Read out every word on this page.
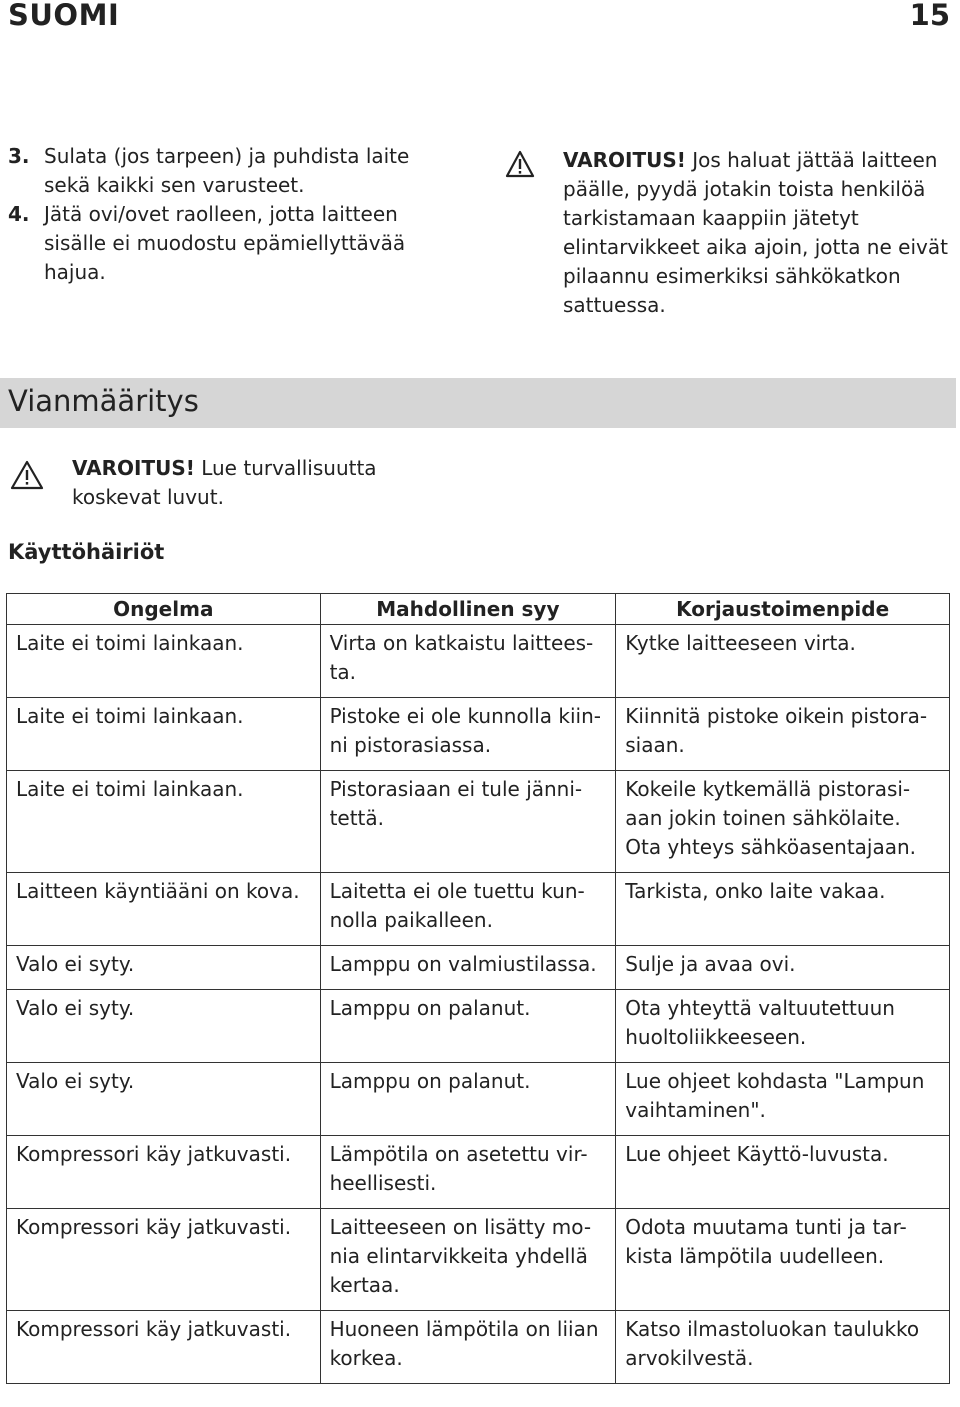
SUOMI	15
3. Sulata (jos tarpeen) ja puhdista laite sekä kaikki sen varusteet.
4. Jätä ovi/ovet raolleen, jotta laitteen sisälle ei muodostu epämiellyttävää hajua.
VAROITUS! Jos haluat jättää laitteen päälle, pyydä jotakin toista henkilöä tarkistamaan kaappiin jätetyt elintarvikkeet aika ajoin, jotta ne eivät pilaannu esimerkiksi sähkökatkon sattuessa.
Vianmääritys
VAROITUS! Lue turvallisuutta koskevat luvut.
Käyttöhäiriöt
Ongelma	Mahdollinen syy	Korjaustoimenpide
Laite ei toimi lainkaan.	Virta on katkaistu laittees-ta.	Kytke laitteeseen virta.
Laite ei toimi lainkaan.	Pistoke ei ole kunnolla kiin-ni pistorasiassa.	Kiinnitä pistoke oikein pistora-siaan.
Laite ei toimi lainkaan.	Pistorasiaan ei tule jänni-tettä.	Kokeile kytkemällä pistorasi-aan jokin toinen sähkölaite. Ota yhteys sähköasentajaan.
Laitteen käyntiääni on kova.	Laitetta ei ole tuettu kun-nolla paikalleen.	Tarkista, onko laite vakaa.
Valo ei syty.	Lamppu on valmiustilassa.	Sulje ja avaa ovi.
Valo ei syty.	Lamppu on palanut.	Ota yhteyttä valtuutettuun huoltoliikkeeseen.
Valo ei syty.	Lamppu on palanut.	Lue ohjeet kohdasta "Lampun vaihtaminen".
Kompressori käy jatkuvasti.	Lämpötila on asetettu vir-heellisesti.	Lue ohjeet Käyttö-luvusta.
Kompressori käy jatkuvasti.	Laitteeseen on lisätty mo-nia elintarvikkeita yhdellä kertaa.	Odota muutama tunti ja tar-kista lämpötila uudelleen.
Kompressori käy jatkuvasti.	Huoneen lämpötila on liian korkea.	Katso ilmastoluokan taulukko arvokilvestä.
